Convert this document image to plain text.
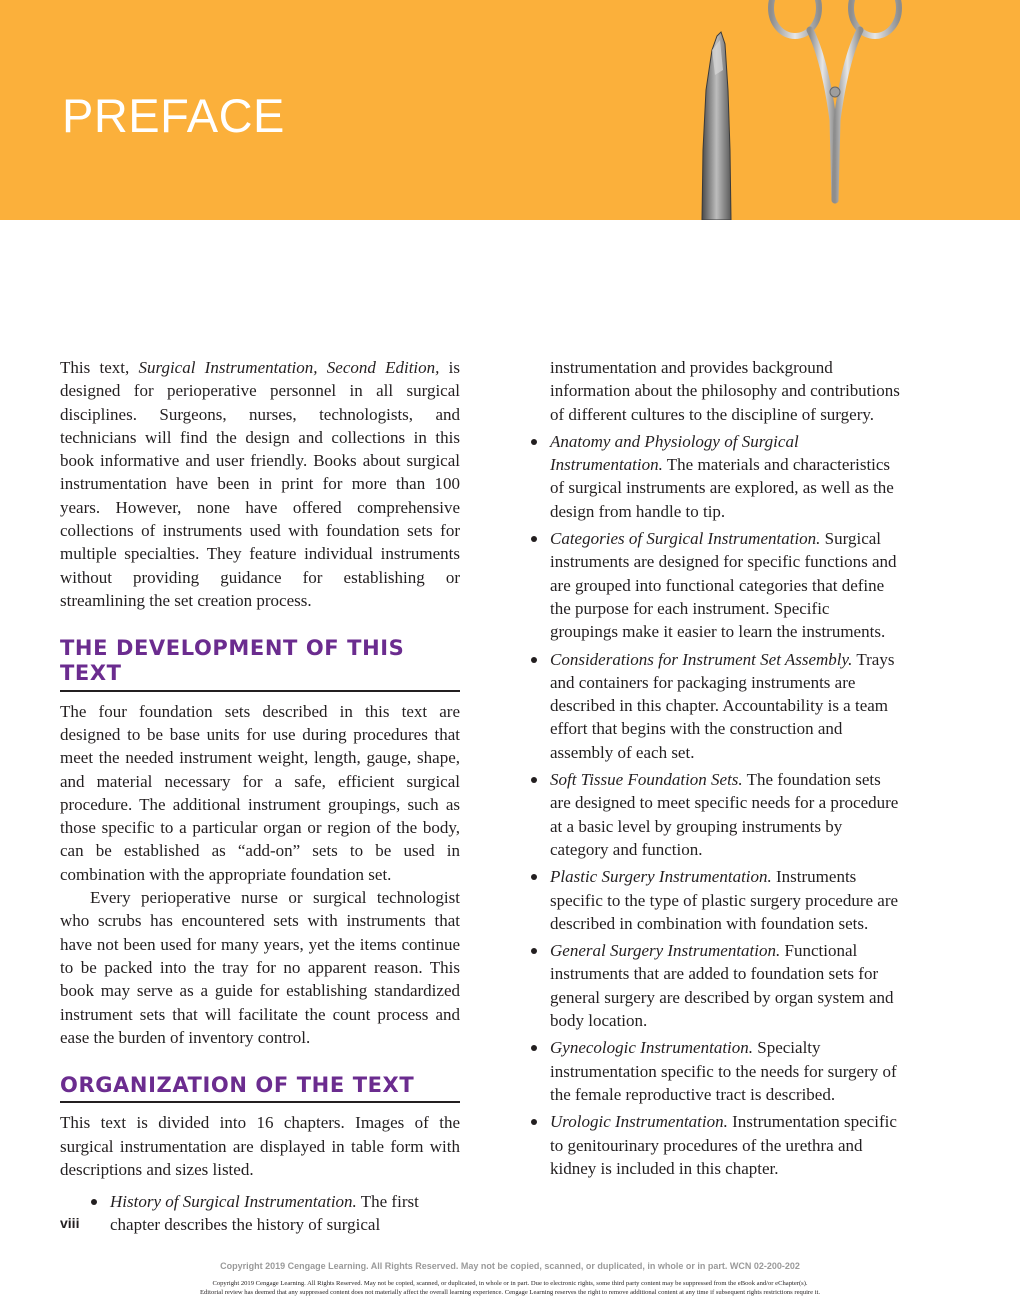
PREFACE

This text, Surgical Instrumentation, Second Edition, is designed for perioperative personnel in all surgical disciplines. Surgeons, nurses, technologists, and technicians will find the design and collections in this book informative and user friendly. Books about surgical instrumentation have been in print for more than 100 years. However, none have offered comprehensive collections of instruments used with foundation sets for multiple specialties. They feature individual instruments without providing guidance for establishing or streamlining the set creation process.

THE DEVELOPMENT OF THIS TEXT

The four foundation sets described in this text are designed to be base units for use during procedures that meet the needed instrument weight, length, gauge, shape, and material necessary for a safe, efficient surgical procedure. The additional instrument groupings, such as those specific to a particular organ or region of the body, can be established as “add-on” sets to be used in combination with the appropriate foundation set.

Every perioperative nurse or surgical technologist who scrubs has encountered sets with instruments that have not been used for many years, yet the items continue to be packed into the tray for no apparent reason. This book may serve as a guide for establishing standardized instrument sets that will facilitate the count process and ease the burden of inventory control.

ORGANIZATION OF THE TEXT

This text is divided into 16 chapters. Images of the surgical instrumentation are displayed in table form with descriptions and sizes listed.

History of Surgical Instrumentation. The first chapter describes the history of surgical

instrumentation and provides background information about the philosophy and contributions of different cultures to the discipline of surgery.

Anatomy and Physiology of Surgical Instrumentation. The materials and characteristics of surgical instruments are explored, as well as the design from handle to tip.
Categories of Surgical Instrumentation. Surgical instruments are designed for specific functions and are grouped into functional categories that define the purpose for each instrument. Specific groupings make it easier to learn the instruments.
Considerations for Instrument Set Assembly. Trays and containers for packaging instruments are described in this chapter. Accountability is a team effort that begins with the construction and assembly of each set.
Soft Tissue Foundation Sets. The foundation sets are designed to meet specific needs for a procedure at a basic level by grouping instruments by category and function.
Plastic Surgery Instrumentation. Instruments specific to the type of plastic surgery procedure are described in combination with foundation sets.
General Surgery Instrumentation. Functional instruments that are added to foundation sets for general surgery are described by organ system and body location.
Gynecologic Instrumentation. Specialty instrumentation specific to the needs for surgery of the female reproductive tract is described.
Urologic Instrumentation. Instrumentation specific to genitourinary procedures of the urethra and kidney is included in this chapter.
viii
Copyright 2019 Cengage Learning. All Rights Reserved. May not be copied, scanned, or duplicated, in whole or in part. WCN 02-200-202
Copyright 2019 Cengage Learning. All Rights Reserved. May not be copied, scanned, or duplicated, in whole or in part. Due to electronic rights, some third party content may be suppressed from the eBook and/or eChapter(s).
Editorial review has deemed that any suppressed content does not materially affect the overall learning experience. Cengage Learning reserves the right to remove additional content at any time if subsequent rights restrictions require it.
